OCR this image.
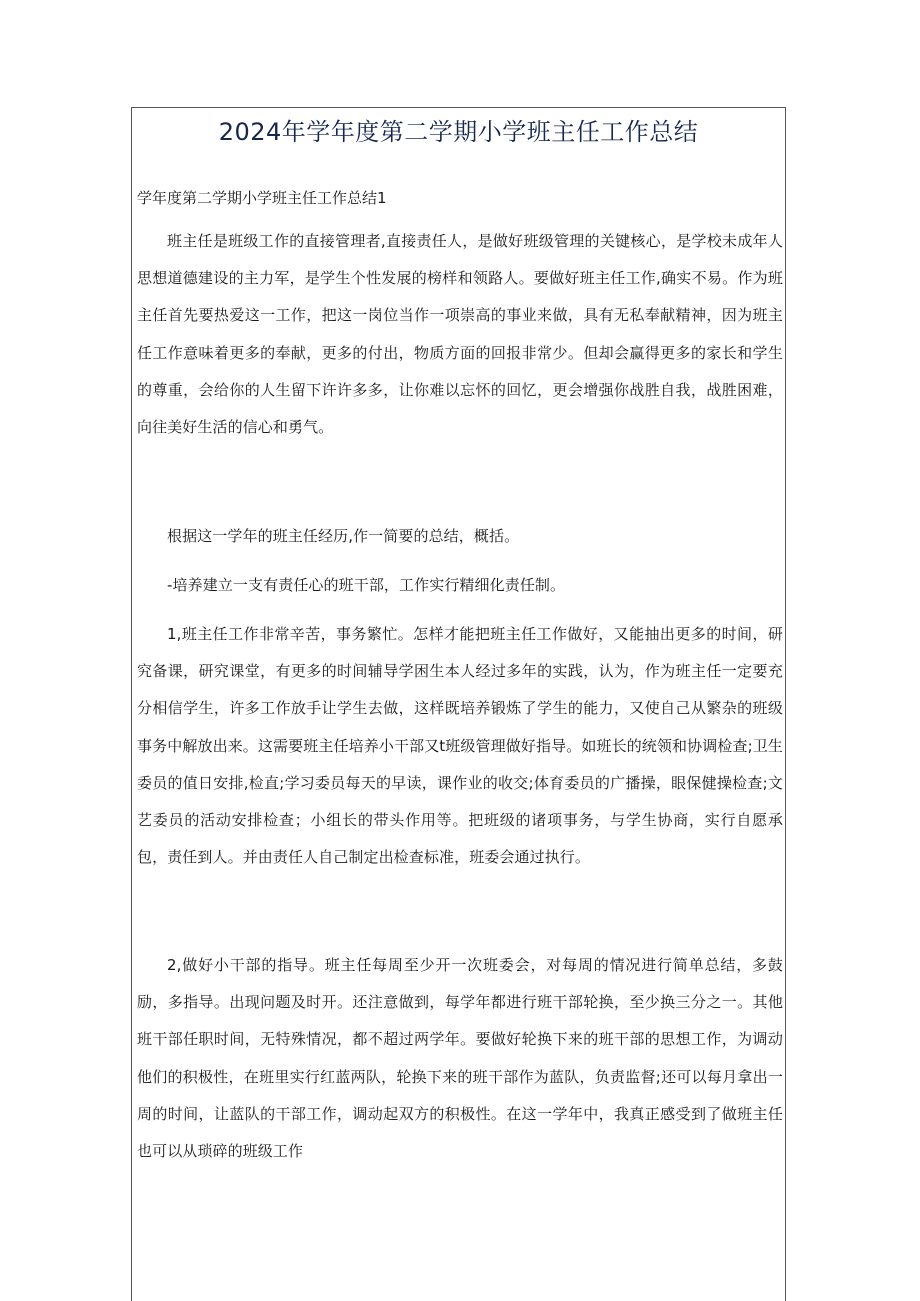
2024年学年度第二学期小学班主任工作总结

学年度第二学期小学班主任工作总结1

班主任是班级工作的直接管理者,直接责任人，是做好班级管理的关键核心，是学校未成年人思想道德建设的主力军，是学生个性发展的榜样和领路人。要做好班主任工作,确实不易。作为班主任首先要热爱这一工作，把这一岗位当作一项崇高的事业来做，具有无私奉献精神，因为班主任工作意味着更多的奉献，更多的付出，物质方面的回报非常少。但却会赢得更多的家长和学生的尊重，会给你的人生留下许许多多，让你难以忘怀的回忆，更会增强你战胜自我，战胜困难，向往美好生活的信心和勇气。

根据这一学年的班主任经历,作一简要的总结，概括。

-培养建立一支有责任心的班干部，工作实行精细化责任制。

1,班主任工作非常辛苦，事务繁忙。怎样才能把班主任工作做好，又能抽出更多的时间，研究备课，研究课堂，有更多的时间辅导学困生本人经过多年的实践，认为，作为班主任一定要充分相信学生，许多工作放手让学生去做，这样既培养锻炼了学生的能力，又使自己从繁杂的班级事务中解放出来。这需要班主任培养小干部又t班级管理做好指导。如班长的统领和协调检查;卫生委员的值日安排,检直;学习委员每天的早读，课作业的收交;体育委员的广播操，眼保健操检查;文艺委员的活动安排检查；小组长的带头作用等。把班级的诸项事务，与学生协商，实行自愿承包，责任到人。并由责任人自己制定出检查标准，班委会通过执行。

2,做好小干部的指导。班主任每周至少开一次班委会，对每周的情况进行简单总结，多鼓励，多指导。出现问题及时开。还注意做到，每学年都进行班干部轮换，至少换三分之一。其他班干部任职时间，无特殊情况，都不超过两学年。要做好轮换下来的班干部的思想工作，为调动他们的积极性，在班里实行红蓝两队，轮换下来的班干部作为蓝队，负责监督;还可以每月拿出一周的时间，让蓝队的干部工作，调动起双方的积极性。在这一学年中，我真正感受到了做班主任也可以从琐碎的班级工作
